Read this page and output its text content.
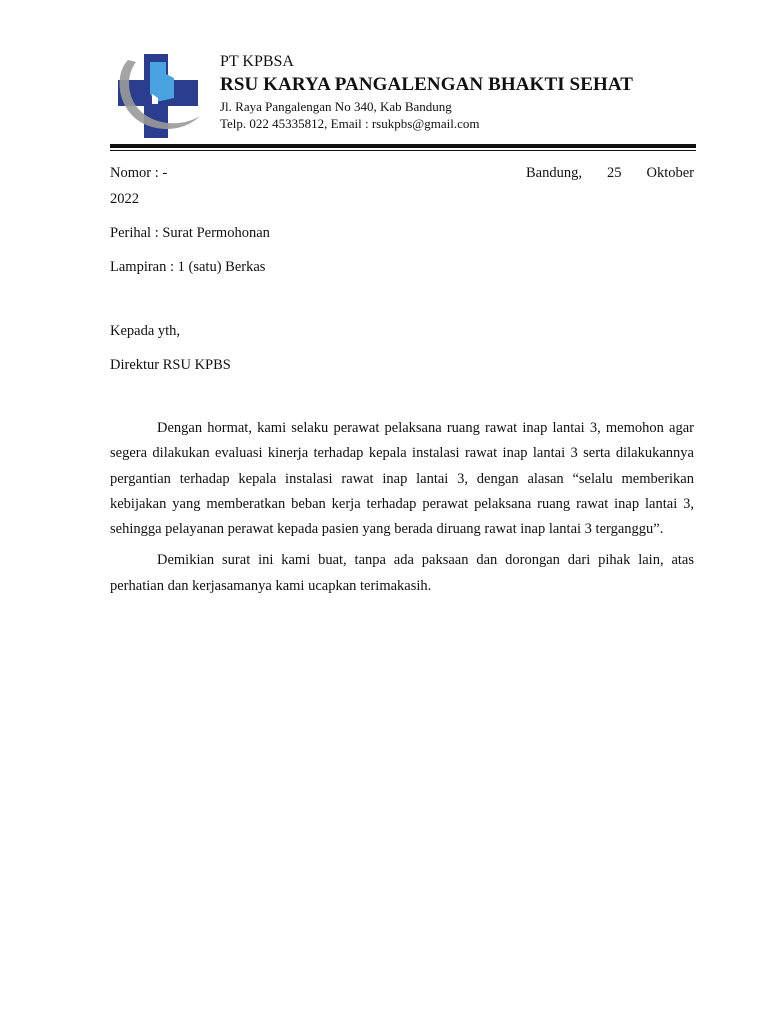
PT KPBSA
RSU KARYA PANGALENGAN BHAKTI SEHAT
Jl. Raya Pangalengan No 340, Kab Bandung
Telp. 022 45335812, Email : rsukpbs@gmail.com
Nomor : -	Bandung, 25 Oktober
2022
Perihal : Surat Permohonan
Lampiran : 1 (satu) Berkas
Kepada yth,
Direktur RSU KPBS

Dengan hormat, kami selaku perawat pelaksana ruang rawat inap lantai 3, memohon agar segera dilakukan evaluasi kinerja terhadap kepala instalasi rawat inap lantai 3 serta dilakukannya pergantian terhadap kepala instalasi rawat inap lantai 3, dengan alasan “selalu memberikan kebijakan yang memberatkan beban kerja terhadap perawat pelaksana ruang rawat inap lantai 3, sehingga pelayanan perawat kepada pasien yang berada diruang rawat inap lantai 3 terganggu”.

Demikian surat ini kami buat, tanpa ada paksaan dan dorongan dari pihak lain, atas perhatian dan kerjasamanya kami ucapkan terimakasih.
